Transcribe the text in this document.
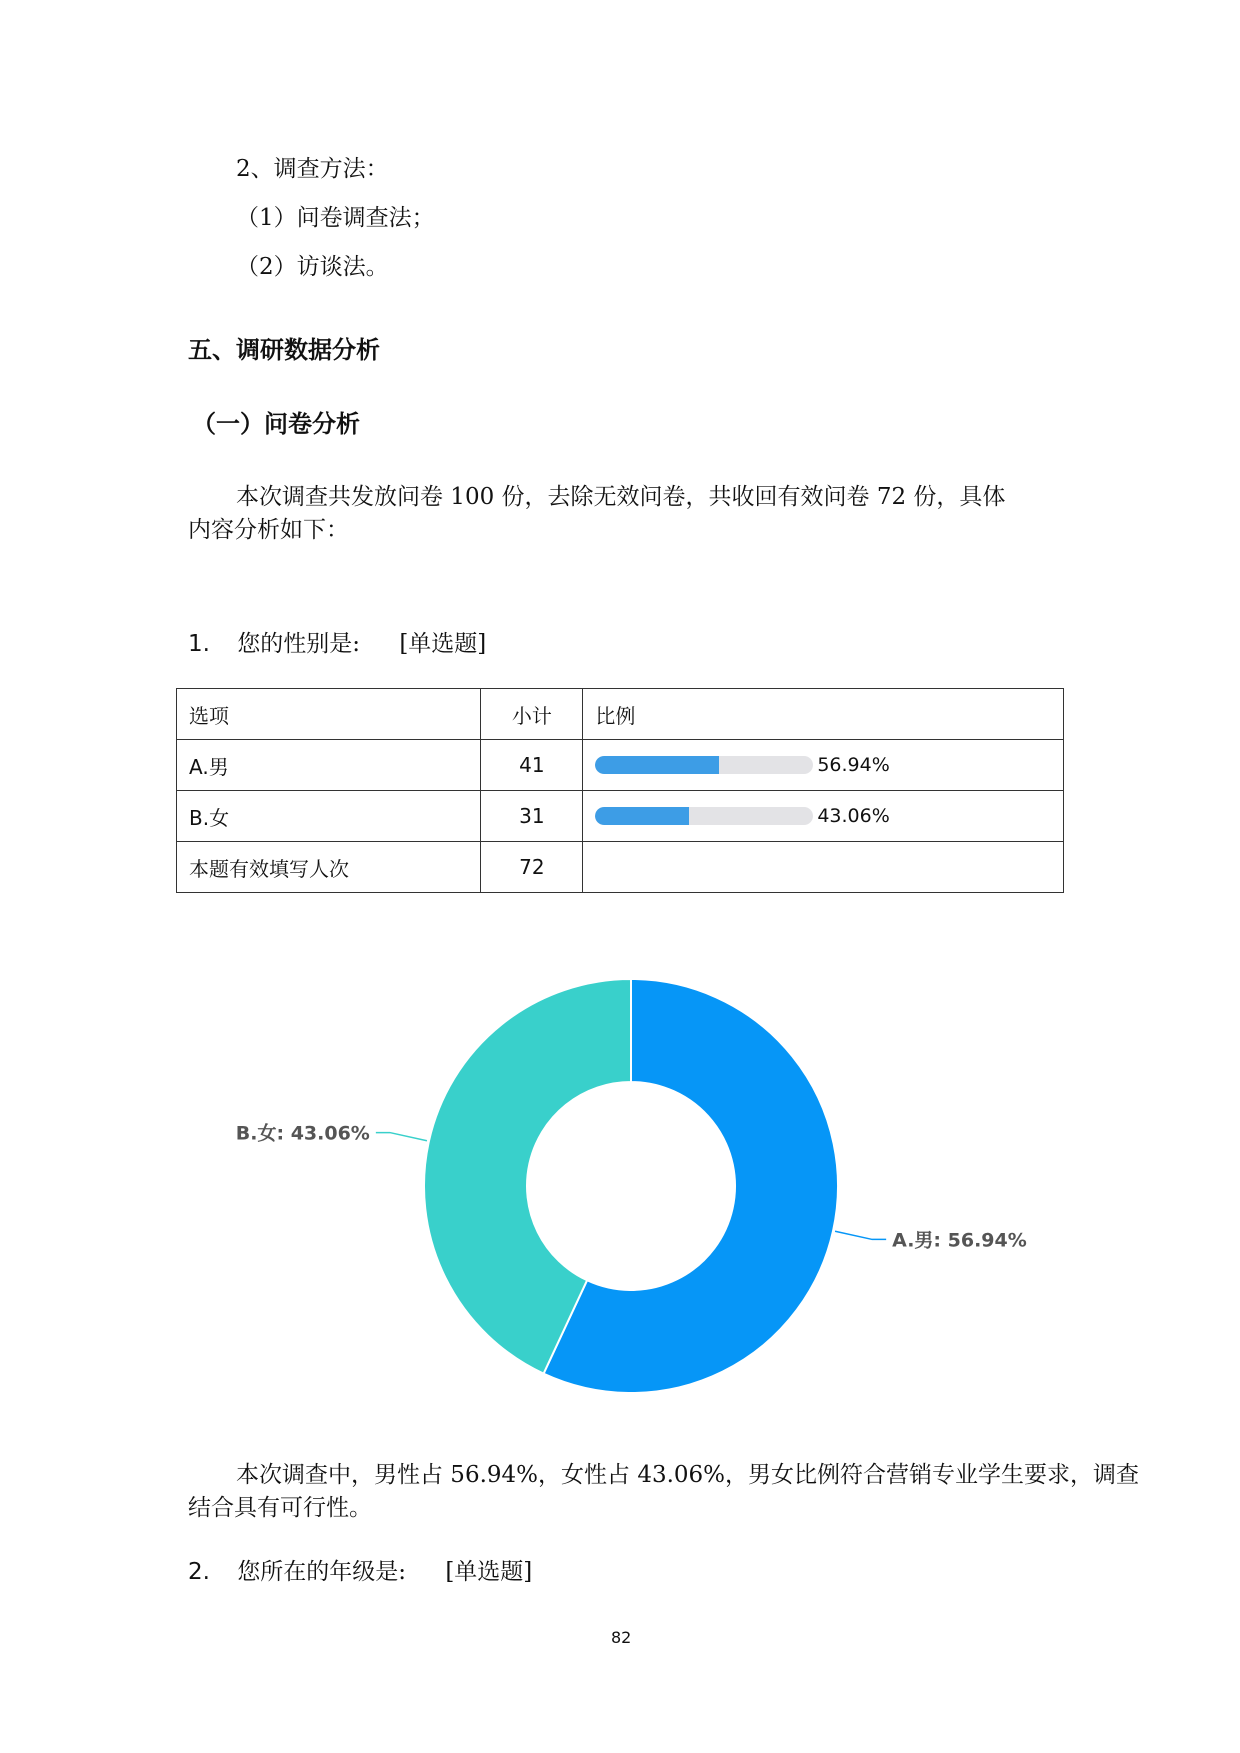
2、调查方法：
（1）问卷调查法；
（2）访谈法。
五、调研数据分析
（一）问卷分析
本次调查共发放问卷 100 份，去除无效问卷，共收回有效问卷 72 份，具体
内容分析如下：
1. 您的性别是: [单选题]
选项	小计	比例
A.男	41	56.94%

B.女	31	43.06%

本题有效填写人次	72	
A.男: 56.94%
B.女: 43.06%
本次调查中，男性占 56.94%，女性占 43.06%，男女比例符合营销专业学生要求，调查
结合具有可行性。
2. 您所在的年级是: [单选题]
82
